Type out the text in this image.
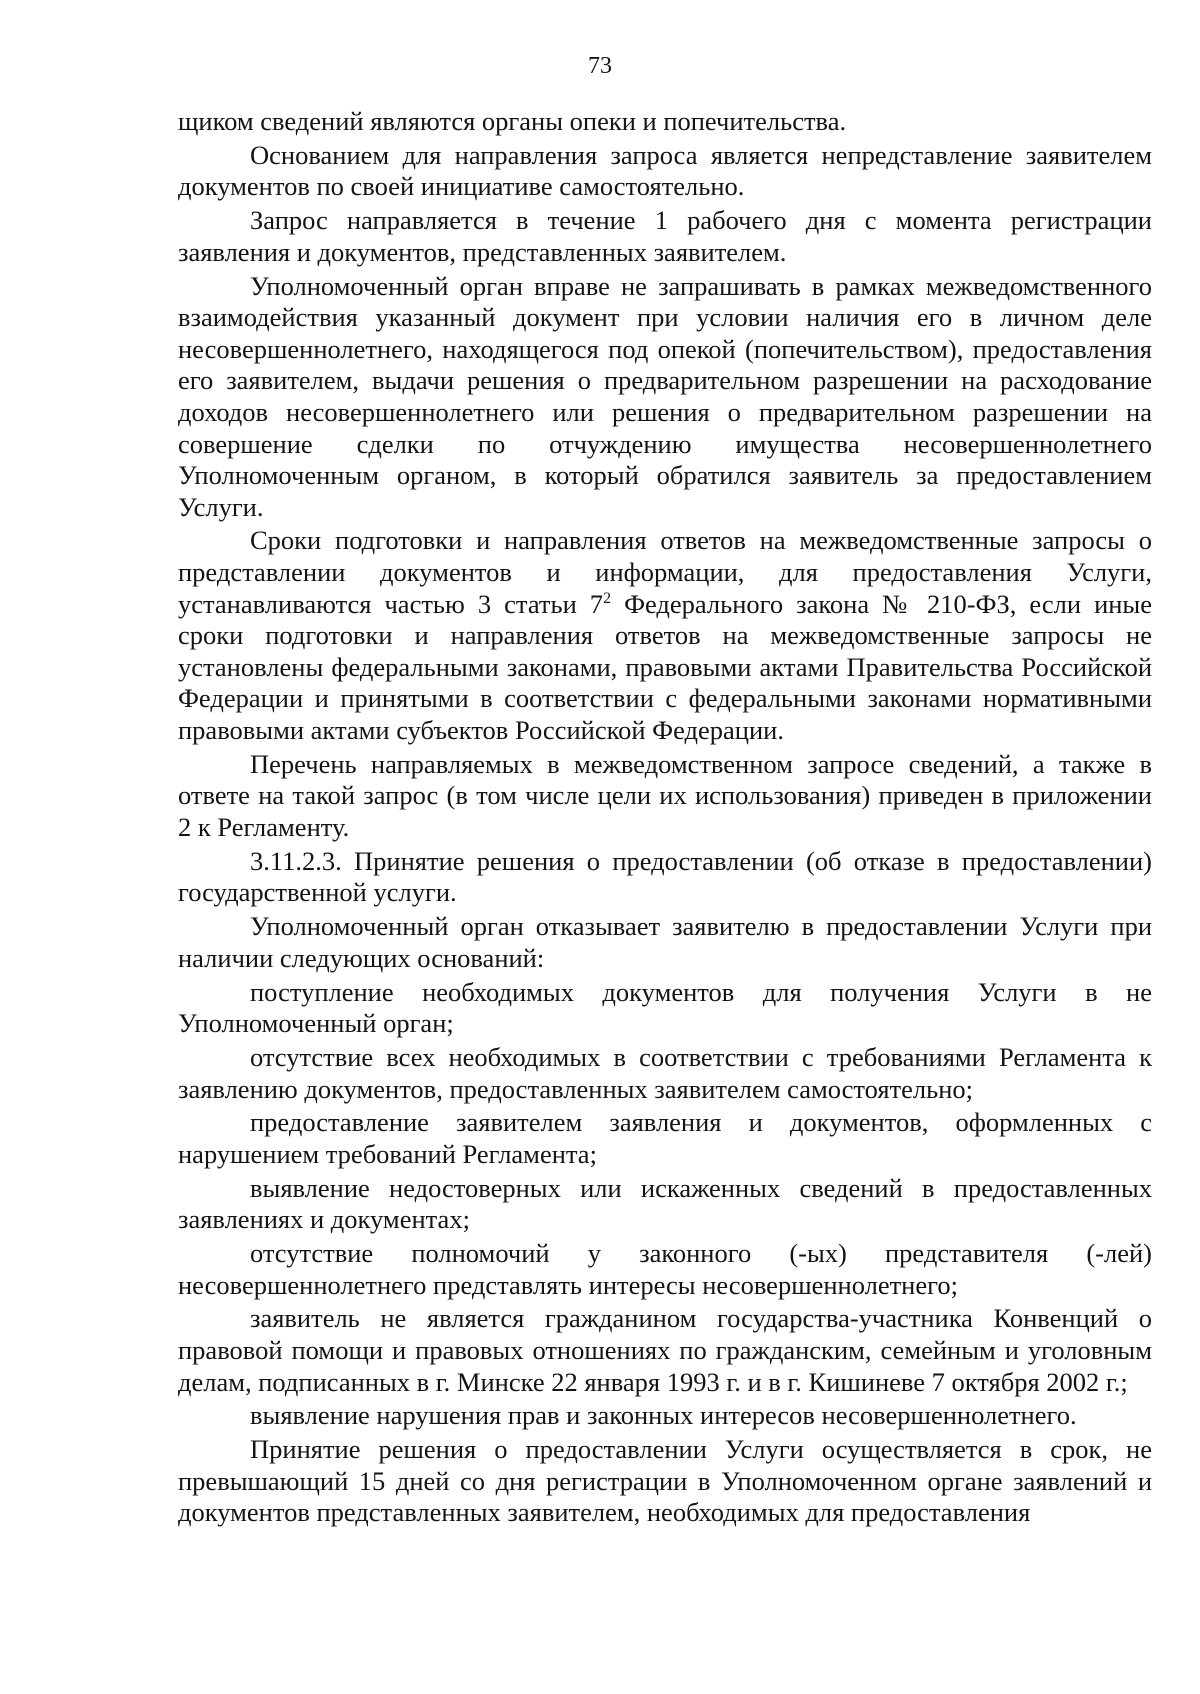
73

щиком сведений являются органы опеки и попечительства.

Основанием для направления запроса является непредставление заявителем документов по своей инициативе самостоятельно.

Запрос направляется в течение 1 рабочего дня с момента регистрации заявления и документов, представленных заявителем.

Уполномоченный орган вправе не запрашивать в рамках межведомственного взаимодействия указанный документ при условии наличия его в личном деле несовершеннолетнего, находящегося под опекой (попечительством), предоставления его заявителем, выдачи решения о предварительном разрешении на расходование доходов несовершеннолетнего или решения о предварительном разрешении на совершение сделки по отчуждению имущества несовершеннолетнего Уполномоченным органом, в который обратился заявитель за предоставлением Услуги.

Сроки подготовки и направления ответов на межведомственные запросы о представлении документов и информации, для предоставления Услуги, устанавливаются частью 3 статьи $7^2$ Федерального закона № 210-ФЗ, если иные сроки подготовки и направления ответов на межведомственные запросы не установлены федеральными законами, правовыми актами Правительства Российской Федерации и принятыми в соответствии с федеральными законами нормативными правовыми актами субъектов Российской Федерации.

Перечень направляемых в межведомственном запросе сведений, а также в ответе на такой запрос (в том числе цели их использования) приведен в приложении 2 к Регламенту.

3.11.2.3. Принятие решения о предоставлении (об отказе в предоставлении) государственной услуги.

Уполномоченный орган отказывает заявителю в предоставлении Услуги при наличии следующих оснований:

поступление необходимых документов для получения Услуги в не Уполномоченный орган;

отсутствие всех необходимых в соответствии с требованиями Регламента к заявлению документов, предоставленных заявителем самостоятельно;

предоставление заявителем заявления и документов, оформленных с нарушением требований Регламента;

выявление недостоверных или искаженных сведений в предоставленных заявлениях и документах;

отсутствие полномочий у законного (-ых) представителя (-лей) несовершеннолетнего представлять интересы несовершеннолетнего;

заявитель не является гражданином государства-участника Конвенций о правовой помощи и правовых отношениях по гражданским, семейным и уголовным делам, подписанных в г. Минске 22 января 1993 г. и в г. Кишиневе 7 октября 2002 г.;

выявление нарушения прав и законных интересов несовершеннолетнего.

Принятие решения о предоставлении Услуги осуществляется в срок, не превышающий 15 дней со дня регистрации в Уполномоченном органе заявлений и документов представленных заявителем, необходимых для предоставления
